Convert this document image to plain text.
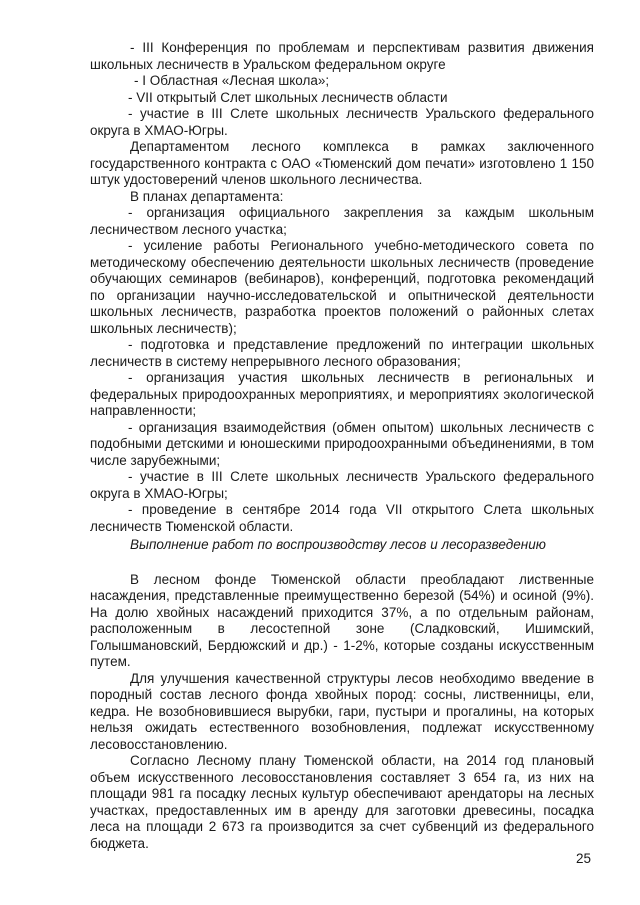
- III Конференция по проблемам и перспективам развития движения школьных лесничеств в Уральском федеральном округе

- I Областная «Лесная школа»;

- VII открытый Слет школьных лесничеств области

- участие в III Слете школьных лесничеств Уральского федерального округа в ХМАО-Югры.

Департаментом лесного комплекса в рамках заключенного государственного контракта с ОАО «Тюменский дом печати» изготовлено 1 150 штук удостоверений членов школьного лесничества.

В планах департамента:

- организация официального закрепления за каждым школьным лесничеством лесного участка;

- усиление работы Регионального учебно-методического совета по методическому обеспечению деятельности школьных лесничеств (проведение обучающих семинаров (вебинаров), конференций, подготовка рекомендаций по организации научно-исследовательской и опытнической деятельности школьных лесничеств, разработка проектов положений о районных слетах школьных лесничеств);

- подготовка и представление предложений по интеграции школьных лесничеств в систему непрерывного лесного образования;

- организация участия школьных лесничеств в региональных и федеральных природоохранных мероприятиях, и мероприятиях экологической направленности;

- организация взаимодействия (обмен опытом) школьных лесничеств с подобными детскими и юношескими природоохранными объединениями, в том числе зарубежными;

- участие в III Слете школьных лесничеств Уральского федерального округа в ХМАО-Югры;

- проведение в сентябре 2014 года VII открытого Слета школьных лесничеств Тюменской области.

Выполнение работ по воспроизводству лесов и лесоразведению

В лесном фонде Тюменской области преобладают лиственные насаждения, представленные преимущественно березой (54%) и осиной (9%). На долю хвойных насаждений приходится 37%, а по отдельным районам, расположенным в лесостепной зоне (Сладковский, Ишимский, Голышмановский, Бердюжский и др.) - 1-2%, которые созданы искусственным путем.

Для улучшения качественной структуры лесов необходимо введение в породный состав лесного фонда хвойных пород: сосны, лиственницы, ели, кедра. Не возобновившиеся вырубки, гари, пустыри и прогалины, на которых нельзя ожидать естественного возобновления, подлежат искусственному лесовосстановлению.

Согласно Лесному плану Тюменской области, на 2014 год плановый объем искусственного лесовосстановления составляет 3 654 га, из них на площади 981 га посадку лесных культур обеспечивают арендаторы на лесных участках, предоставленных им в аренду для заготовки древесины, посадка леса на площади 2 673 га производится за счет субвенций из федерального бюджета.

25
